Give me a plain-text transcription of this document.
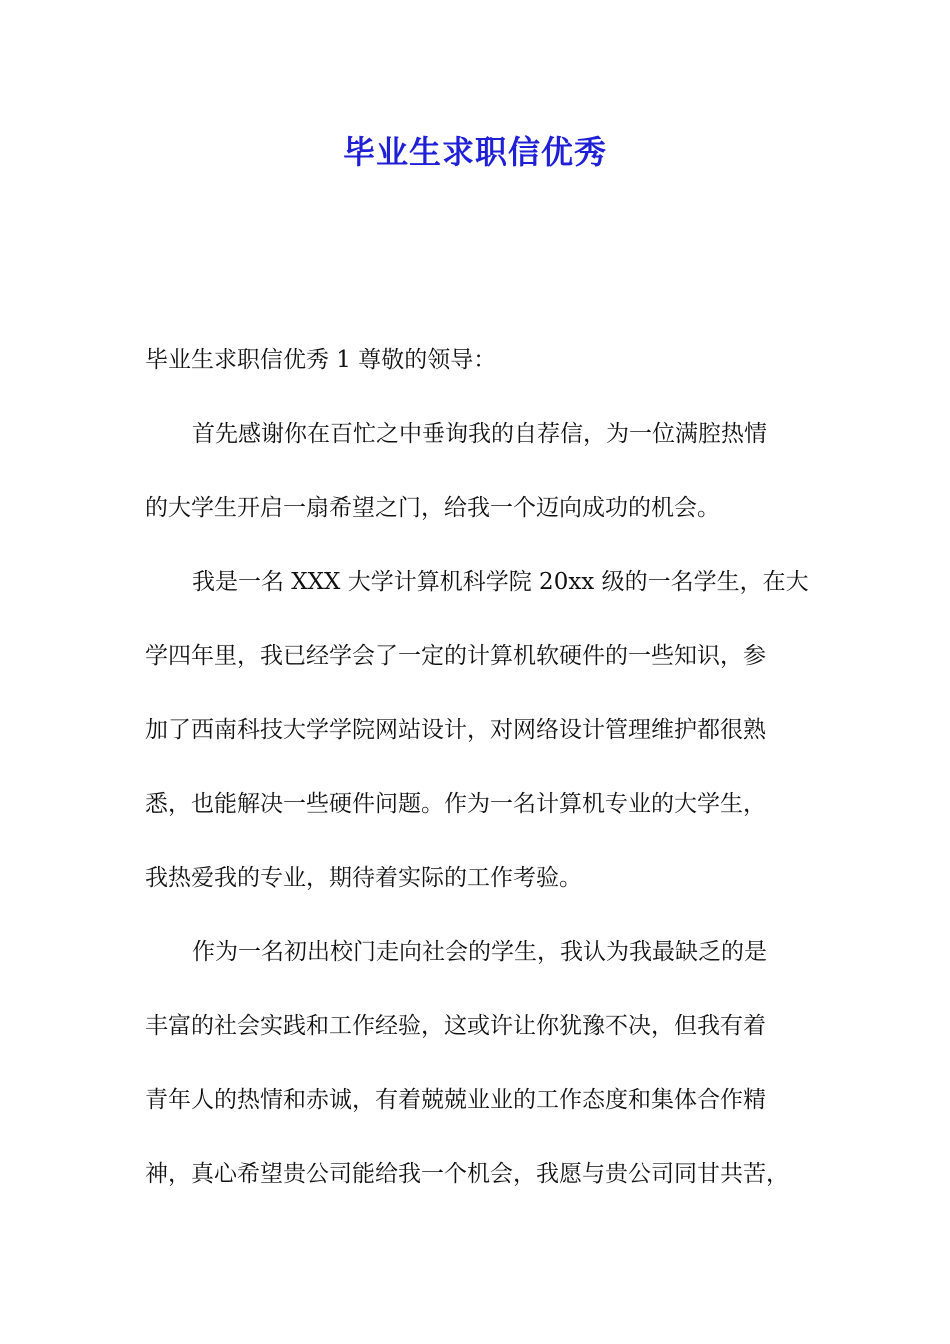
毕业生求职信优秀
毕业生求职信优秀 1 尊敬的领导：
首先感谢你在百忙之中垂询我的自荐信，为一位满腔热情
的大学生开启一扇希望之门，给我一个迈向成功的机会。
我是一名 XXX 大学计算机科学院 20xx 级的一名学生，在大
学四年里，我已经学会了一定的计算机软硬件的一些知识，参
加了西南科技大学学院网站设计，对网络设计管理维护都很熟
悉，也能解决一些硬件问题。作为一名计算机专业的大学生，
我热爱我的专业，期待着实际的工作考验。
作为一名初出校门走向社会的学生，我认为我最缺乏的是
丰富的社会实践和工作经验，这或许让你犹豫不决，但我有着
青年人的热情和赤诚，有着兢兢业业的工作态度和集体合作精
神，真心希望贵公司能给我一个机会，我愿与贵公司同甘共苦，
